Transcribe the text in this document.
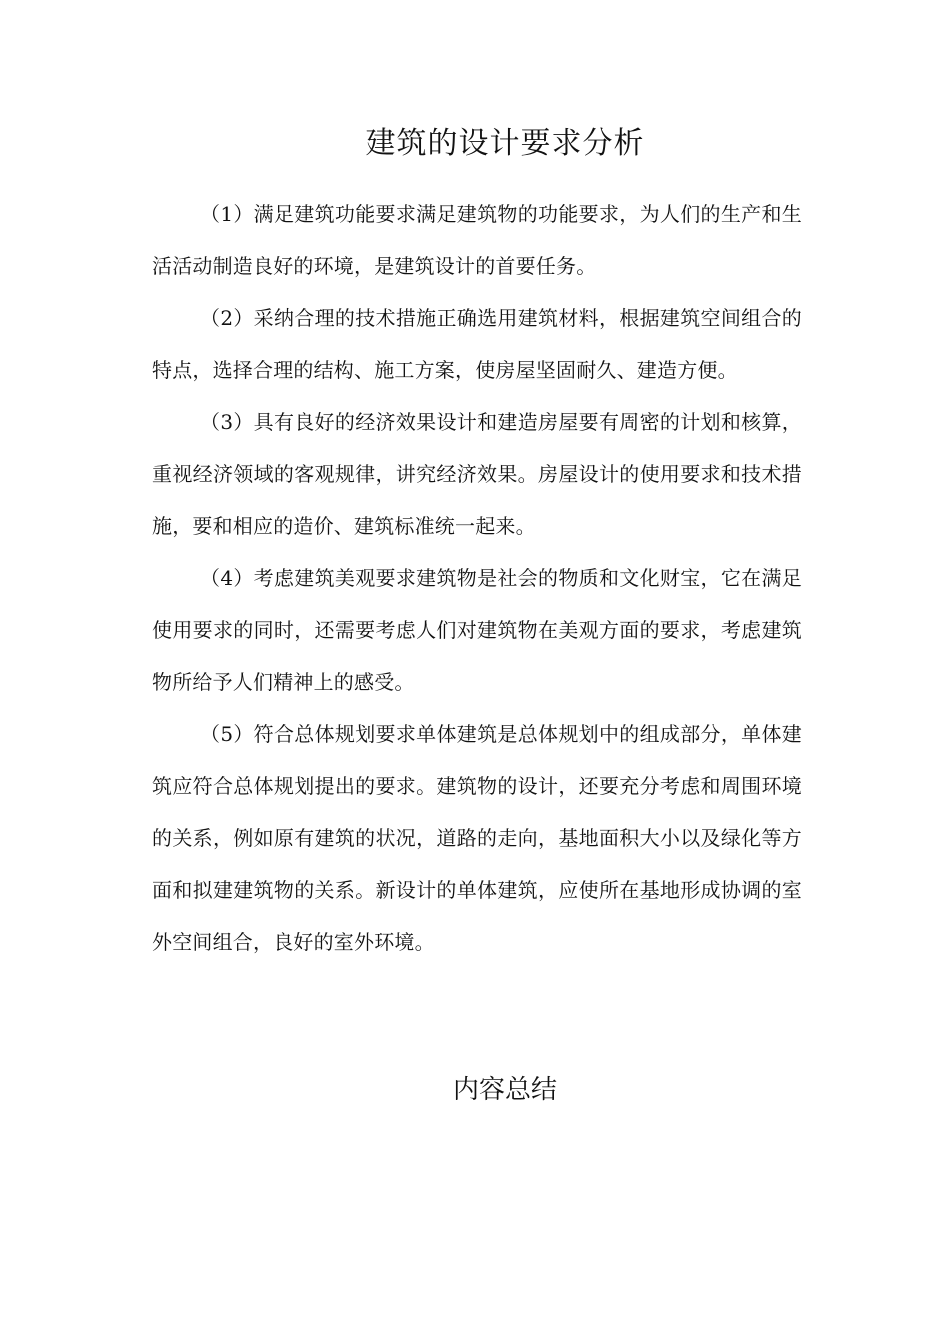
建筑的设计要求分析

（1）满足建筑功能要求满足建筑物的功能要求，为人们的生产和生活活动制造良好的环境，是建筑设计的首要任务。

（2）采纳合理的技术措施正确选用建筑材料，根据建筑空间组合的特点，选择合理的结构、施工方案，使房屋坚固耐久、建造方便。

（3）具有良好的经济效果设计和建造房屋要有周密的计划和核算，重视经济领域的客观规律，讲究经济效果。房屋设计的使用要求和技术措施，要和相应的造价、建筑标准统一起来。

（4）考虑建筑美观要求建筑物是社会的物质和文化财宝，它在满足使用要求的同时，还需要考虑人们对建筑物在美观方面的要求，考虑建筑物所给予人们精神上的感受。

（5）符合总体规划要求单体建筑是总体规划中的组成部分，单体建筑应符合总体规划提出的要求。建筑物的设计，还要充分考虑和周围环境的关系，例如原有建筑的状况，道路的走向，基地面积大小以及绿化等方面和拟建建筑物的关系。新设计的单体建筑，应使所在基地形成协调的室外空间组合，良好的室外环境。

内容总结
